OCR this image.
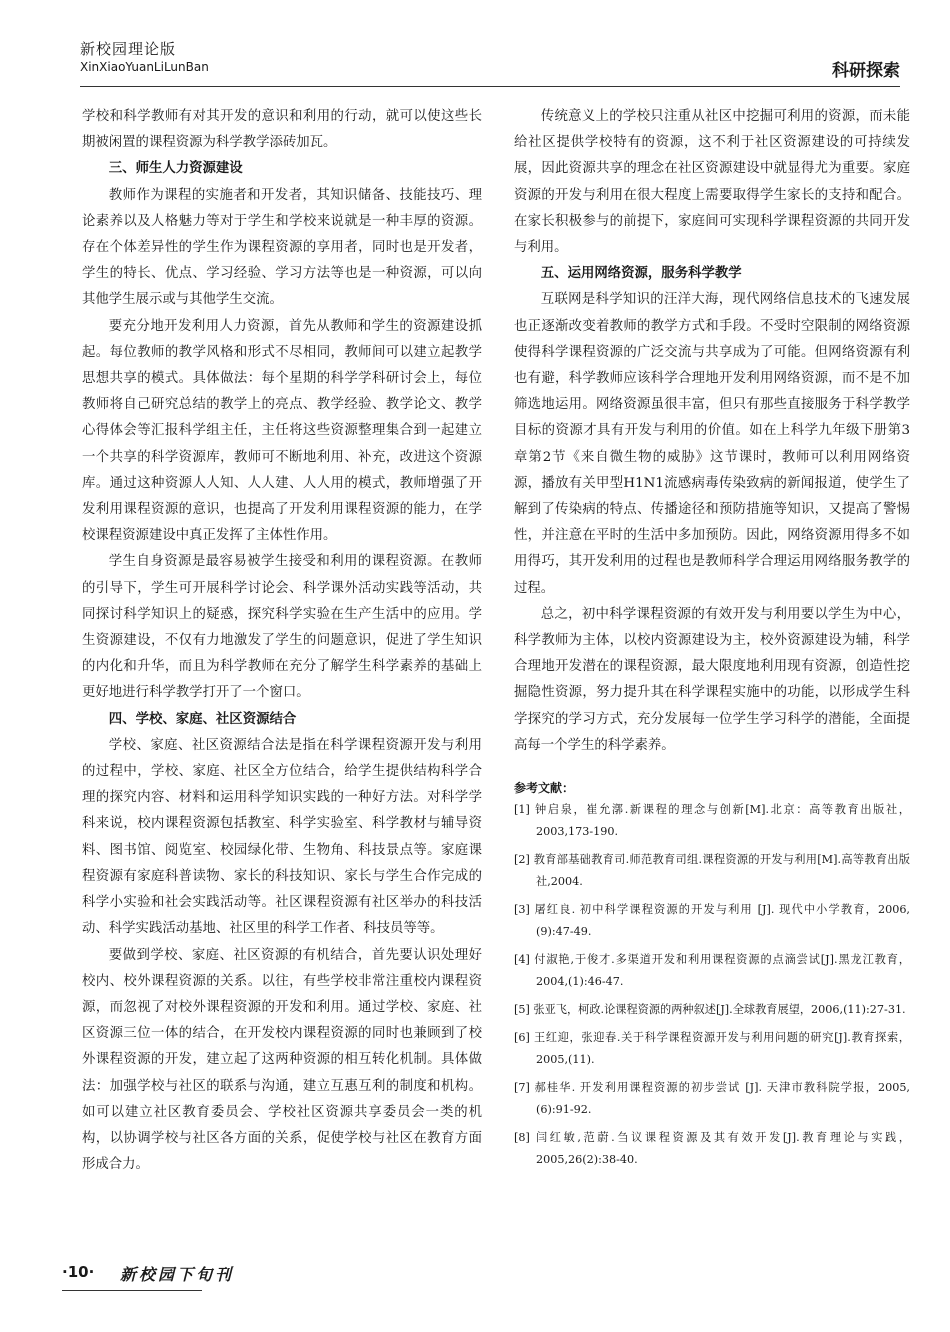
新校园理论版
XinXiaoYuanLiLunBan	科研探索

学校和科学教师有对其开发的意识和利用的行动，就可以使这些长期被闲置的课程资源为科学教学添砖加瓦。

三、师生人力资源建设

教师作为课程的实施者和开发者，其知识储备、技能技巧、理论素养以及人格魅力等对于学生和学校来说就是一种丰厚的资源。存在个体差异性的学生作为课程资源的享用者，同时也是开发者，学生的特长、优点、学习经验、学习方法等也是一种资源，可以向其他学生展示或与其他学生交流。

要充分地开发利用人力资源，首先从教师和学生的资源建设抓起。每位教师的教学风格和形式不尽相同，教师间可以建立起教学思想共享的模式。具体做法：每个星期的科学学科研讨会上，每位教师将自己研究总结的教学上的亮点、教学经验、教学论文、教学心得体会等汇报科学组主任，主任将这些资源整理集合到一起建立一个共享的科学资源库，教师可不断地利用、补充，改进这个资源库。通过这种资源人人知、人人建、人人用的模式，教师增强了开发利用课程资源的意识，也提高了开发利用课程资源的能力，在学校课程资源建设中真正发挥了主体性作用。

学生自身资源是最容易被学生接受和利用的课程资源。在教师的引导下，学生可开展科学讨论会、科学课外活动实践等活动，共同探讨科学知识上的疑惑，探究科学实验在生产生活中的应用。学生资源建设，不仅有力地激发了学生的问题意识，促进了学生知识的内化和升华，而且为科学教师在充分了解学生科学素养的基础上更好地进行科学教学打开了一个窗口。

四、学校、家庭、社区资源结合

学校、家庭、社区资源结合法是指在科学课程资源开发与利用的过程中，学校、家庭、社区全方位结合，给学生提供结构科学合理的探究内容、材料和运用科学知识实践的一种好方法。对科学学科来说，校内课程资源包括教室、科学实验室、科学教材与辅导资料、图书馆、阅览室、校园绿化带、生物角、科技景点等。家庭课程资源有家庭科普读物、家长的科技知识、家长与学生合作完成的科学小实验和社会实践活动等。社区课程资源有社区举办的科技活动、科学实践活动基地、社区里的科学工作者、科技员等等。

要做到学校、家庭、社区资源的有机结合，首先要认识处理好校内、校外课程资源的关系。以往，有些学校非常注重校内课程资源，而忽视了对校外课程资源的开发和利用。通过学校、家庭、社区资源三位一体的结合，在开发校内课程资源的同时也兼顾到了校外课程资源的开发，建立起了这两种资源的相互转化机制。具体做法：加强学校与社区的联系与沟通，建立互惠互利的制度和机构。如可以建立社区教育委员会、学校社区资源共享委员会一类的机构，以协调学校与社区各方面的关系，促使学校与社区在教育方面形成合力。

传统意义上的学校只注重从社区中挖掘可利用的资源，而未能给社区提供学校特有的资源，这不利于社区资源建设的可持续发展，因此资源共享的理念在社区资源建设中就显得尤为重要。家庭资源的开发与利用在很大程度上需要取得学生家长的支持和配合。在家长积极参与的前提下，家庭间可实现科学课程资源的共同开发与利用。

五、运用网络资源，服务科学教学

互联网是科学知识的汪洋大海，现代网络信息技术的飞速发展也正逐渐改变着教师的教学方式和手段。不受时空限制的网络资源使得科学课程资源的广泛交流与共享成为了可能。但网络资源有利也有避，科学教师应该科学合理地开发利用网络资源，而不是不加筛选地运用。网络资源虽很丰富，但只有那些直接服务于科学教学目标的资源才具有开发与利用的价值。如在上科学九年级下册第3章第2节《来自微生物的威胁》这节课时，教师可以利用网络资源，播放有关甲型H1N1流感病毒传染致病的新闻报道，使学生了解到了传染病的特点、传播途径和预防措施等知识，又提高了警惕性，并注意在平时的生活中多加预防。因此，网络资源用得多不如用得巧，其开发利用的过程也是教师科学合理运用网络服务教学的过程。

总之，初中科学课程资源的有效开发与利用要以学生为中心，科学教师为主体，以校内资源建设为主，校外资源建设为辅，科学合理地开发潜在的课程资源，最大限度地利用现有资源，创造性挖掘隐性资源，努力提升其在科学课程实施中的功能，以形成学生科学探究的学习方式，充分发展每一位学生学习科学的潜能，全面提高每一个学生的科学素养。

参考文献：
[1] 钟启泉，崔允漷.新课程的理念与创新[M].北京：高等教育出版社，2003,173-190.
[2] 教育部基础教育司.师范教育司组.课程资源的开发与利用[M].高等教育出版社,2004.
[3] 屠红良. 初中科学课程资源的开发与利用 [J]. 现代中小学教育，2006,(9):47-49.
[4] 付淑艳,于俊才.多渠道开发和利用课程资源的点滴尝试[J].黑龙江教育，2004,(1):46-47.
[5] 张亚飞，柯政.论课程资源的两种叙述[J].全球教育展望，2006,(11):27-31.
[6] 王红迎，张迎春.关于科学课程资源开发与利用问题的研究[J].教育探索，2005,(11).
[7] 郝桂华. 开发利用课程资源的初步尝试 [J]. 天津市教科院学报，2005,(6):91-92.
[8] 闫红敏,范蔚.刍议课程资源及其有效开发[J].教育理论与实践，2005,26(2):38-40.
·10· 新校园下旬刊
